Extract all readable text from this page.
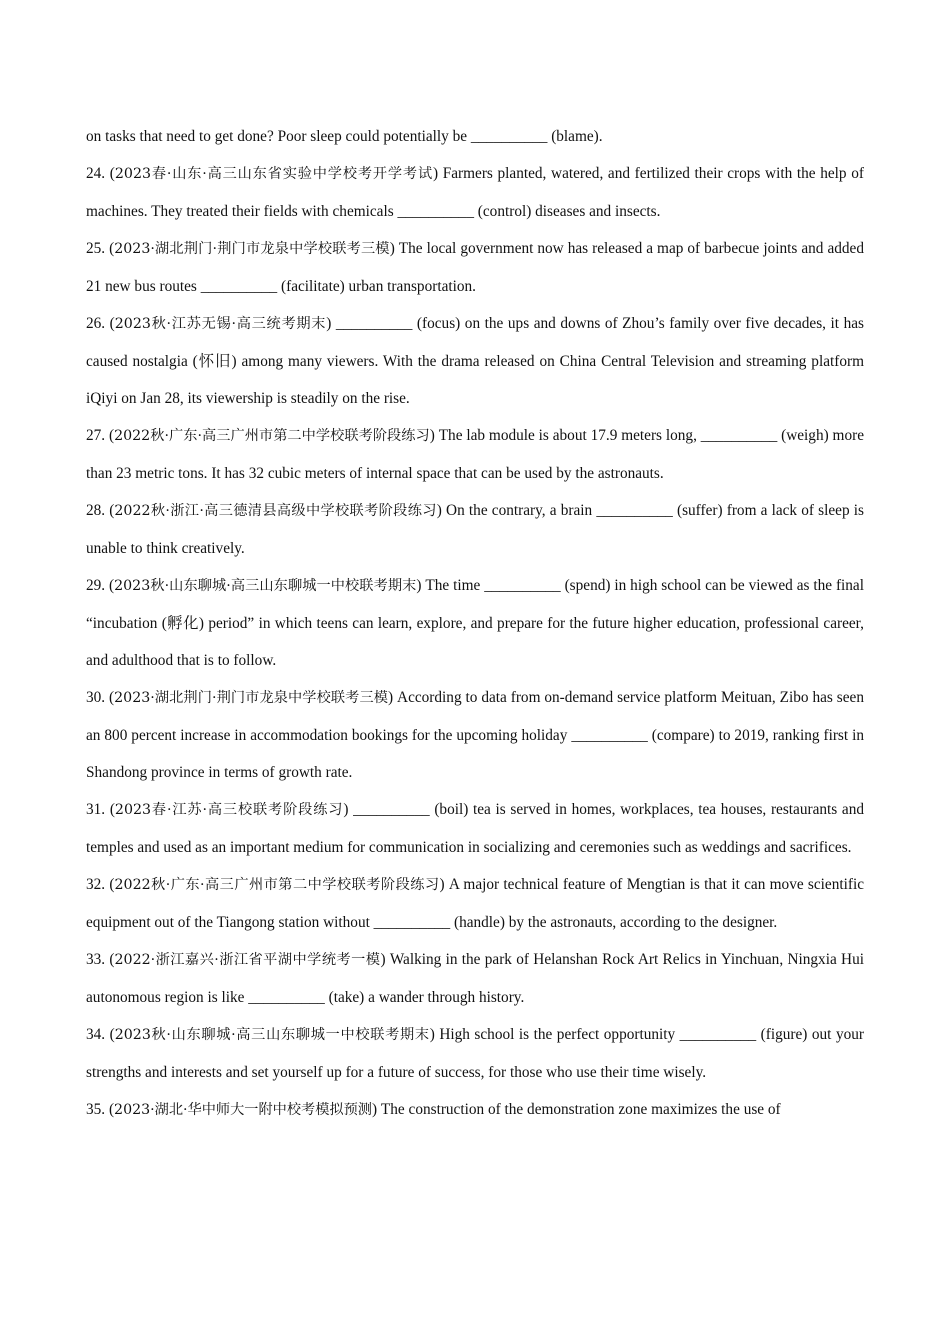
on tasks that need to get done? Poor sleep could potentially be __________ (blame).

24. (2023春·山东·高三山东省实验中学校考开学考试) Farmers planted, watered, and fertilized their crops with the help of machines. They treated their fields with chemicals __________ (control) diseases and insects.

25. (2023·湖北荆门·荆门市龙泉中学校联考三模) The local government now has released a map of barbecue joints and added 21 new bus routes __________ (facilitate) urban transportation.

26. (2023秋·江苏无锡·高三统考期末) __________ (focus) on the ups and downs of Zhou’s family over five decades, it has caused nostalgia (怀旧) among many viewers. With the drama released on China Central Television and streaming platform iQiyi on Jan 28, its viewership is steadily on the rise.

27. (2022秋·广东·高三广州市第二中学校联考阶段练习) The lab module is about 17.9 meters long, __________ (weigh) more than 23 metric tons. It has 32 cubic meters of internal space that can be used by the astronauts.

28. (2022秋·浙江·高三德清县高级中学校联考阶段练习) On the contrary, a brain __________ (suffer) from a lack of sleep is unable to think creatively.

29. (2023秋·山东聊城·高三山东聊城一中校联考期末) The time __________ (spend) in high school can be viewed as the final “incubation (孵化) period” in which teens can learn, explore, and prepare for the future higher education, professional career, and adulthood that is to follow.

30. (2023·湖北荆门·荆门市龙泉中学校联考三模) According to data from on-demand service platform Meituan, Zibo has seen an 800 percent increase in accommodation bookings for the upcoming holiday __________ (compare) to 2019, ranking first in Shandong province in terms of growth rate.

31. (2023春·江苏·高三校联考阶段练习) __________ (boil) tea is served in homes, workplaces, tea houses, restaurants and temples and used as an important medium for communication in socializing and ceremonies such as weddings and sacrifices.

32. (2022秋·广东·高三广州市第二中学校联考阶段练习) A major technical feature of Mengtian is that it can move scientific equipment out of the Tiangong station without __________ (handle) by the astronauts, according to the designer.

33. (2022·浙江嘉兴·浙江省平湖中学统考一模) Walking in the park of Helanshan Rock Art Relics in Yinchuan, Ningxia Hui autonomous region is like __________ (take) a wander through history.

34. (2023秋·山东聊城·高三山东聊城一中校联考期末) High school is the perfect opportunity __________ (figure) out your strengths and interests and set yourself up for a future of success, for those who use their time wisely.

35. (2023·湖北·华中师大一附中校考模拟预测) The construction of the demonstration zone maximizes the use of
